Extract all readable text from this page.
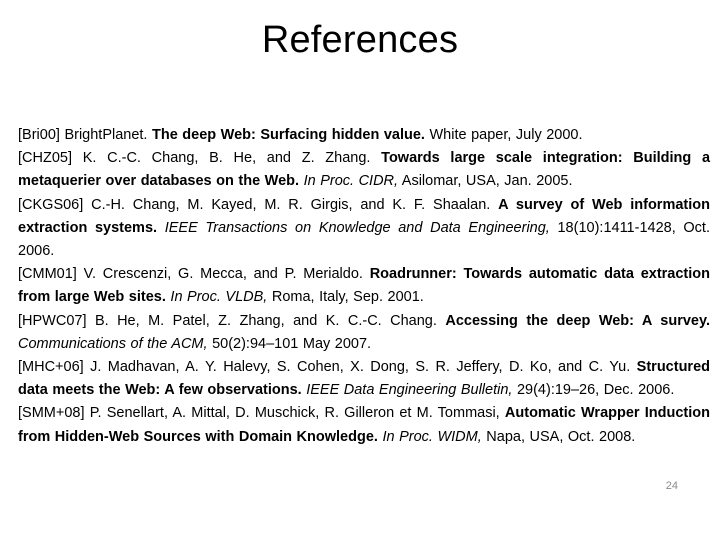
References

[Bri00] BrightPlanet. The deep Web: Surfacing hidden value. White paper, July 2000.

[CHZ05] K. C.-C. Chang, B. He, and Z. Zhang. Towards large scale integration: Building a metaquerier over databases on the Web. In Proc. CIDR, Asilomar, USA, Jan. 2005.

[CKGS06] C.-H. Chang, M. Kayed, M. R. Girgis, and K. F. Shaalan. A survey of Web information extraction systems. IEEE Transactions on Knowledge and Data Engineering, 18(10):1411-1428, Oct. 2006.

[CMM01] V. Crescenzi, G. Mecca, and P. Merialdo. Roadrunner: Towards automatic data extraction from large Web sites. In Proc. VLDB, Roma, Italy, Sep. 2001.

[HPWC07] B. He, M. Patel, Z. Zhang, and K. C.-C. Chang. Accessing the deep Web: A survey. Communications of the ACM, 50(2):94–101 May 2007.

[MHC+06] J. Madhavan, A. Y. Halevy, S. Cohen, X. Dong, S. R. Jeffery, D. Ko, and C. Yu. Structured data meets the Web: A few observations. IEEE Data Engineering Bulletin, 29(4):19–26, Dec. 2006.

[SMM+08] P. Senellart, A. Mittal, D. Muschick, R. Gilleron et M. Tommasi, Automatic Wrapper Induction from Hidden-Web Sources with Domain Knowledge. In Proc. WIDM, Napa, USA, Oct. 2008.

24
